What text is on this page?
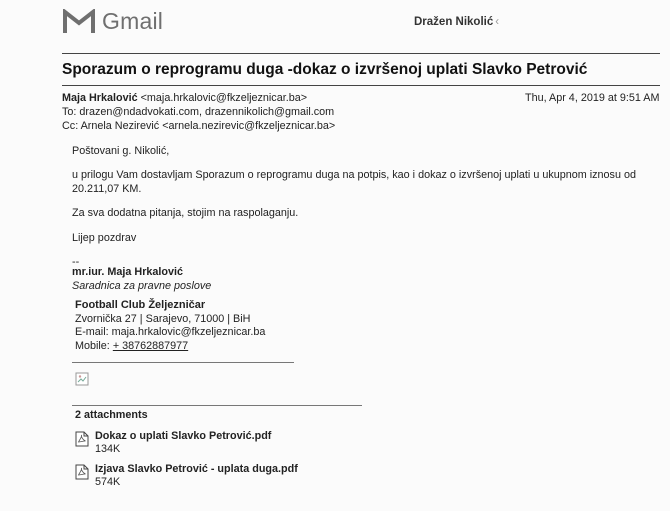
Gmail	Dražen Nikolić ‹
Sporazum o reprogramu duga -dokaz o izvršenoj uplati Slavko Petrović
Maja Hrkalović <maja.hrkalovic@fkzeljeznicar.ba>
To: drazen@ndadvokati.com, drazennikolich@gmail.com
Cc: Arnela Nezirević <arnela.nezirevic@fkzeljeznicar.ba>
Thu, Apr 4, 2019 at 9:51 AM
Poštovani g. Nikolić,
u prilogu Vam dostavljam Sporazum o reprogramu duga na potpis, kao i dokaz o izvršenoj uplati u ukupnom iznosu od 20.211,07 KM.
Za sva dodatna pitanja, stojim na raspolaganju.
Lijep pozdrav
--
mr.iur. Maja Hrkalović
Saradnica za pravne poslove
Football Club Željezničar
Zvornička 27 | Sarajevo, 71000 | BiH
E-mail: maja.hrkalovic@fkzeljeznicar.ba
Mobile: + 38762887977
2 attachments
Dokaz o uplati Slavko Petrović.pdf
134K
Izjava Slavko Petrović - uplata duga.pdf
574K
